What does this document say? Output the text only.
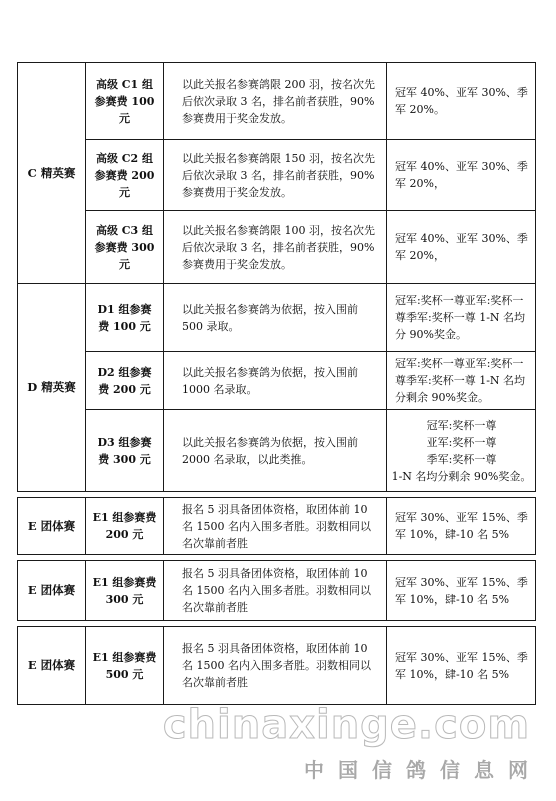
C 精英赛	高级 C1 组参赛费 100 元	以此关报名参赛鸽限 200 羽，按名次先后依次录取 3 名，排名前者获胜，90%参赛费用于奖金发放。	冠军 40%、亚军 30%、季军 20%。
	高级 C2 组参赛费 200 元	以此关报名参赛鸽限 150 羽，按名次先后依次录取 3 名，排名前者获胜，90%参赛费用于奖金发放。	冠军 40%、亚军 30%、季军 20%，
	高级 C3 组参赛费 300 元	以此关报名参赛鸽限 100 羽，按名次先后依次录取 3 名，排名前者获胜，90%参赛费用于奖金发放。	冠军 40%、亚军 30%、季军 20%，
D 精英赛	D1 组参赛费 100 元	以此关报名参赛鸽为依据，按入围前 500 录取。	冠军:奖杯一尊亚军:奖杯一尊季军:奖杯一尊 1-N 名均分 90%奖金。
	D2 组参赛费 200 元	以此关报名参赛鸽为依据，按入围前 1000 名录取。	冠军:奖杯一尊亚军:奖杯一尊季军:奖杯一尊 1-N 名均分剩余 90%奖金。
	D3 组参赛费 300 元	以此关报名参赛鸽为依据，按入围前 2000 名录取，以此类推。	冠军:奖杯一尊
亚军:奖杯一尊
季军:奖杯一尊
1-N 名均分剩余 90%奖金。

E 团体赛	E1 组参赛费 200 元	报名 5 羽具备团体资格，取团体前 10 名 1500 名内入围多者胜。羽数相同以名次靠前者胜	冠军 30%、亚军 15%、季军 10%，肆-10 名 5%

E 团体赛	E1 组参赛费 300 元	报名 5 羽具备团体资格，取团体前 10 名 1500 名内入围多者胜。羽数相同以名次靠前者胜	冠军 30%、亚军 15%、季军 10%，肆-10 名 5%

E 团体赛	E1 组参赛费 500 元	报名 5 羽具备团体资格，取团体前 10 名 1500 名内入围多者胜。羽数相同以名次靠前者胜	冠军 30%、亚军 15%、季军 10%，肆-10 名 5%
chinaxinge.com
中国信鸽信息网
